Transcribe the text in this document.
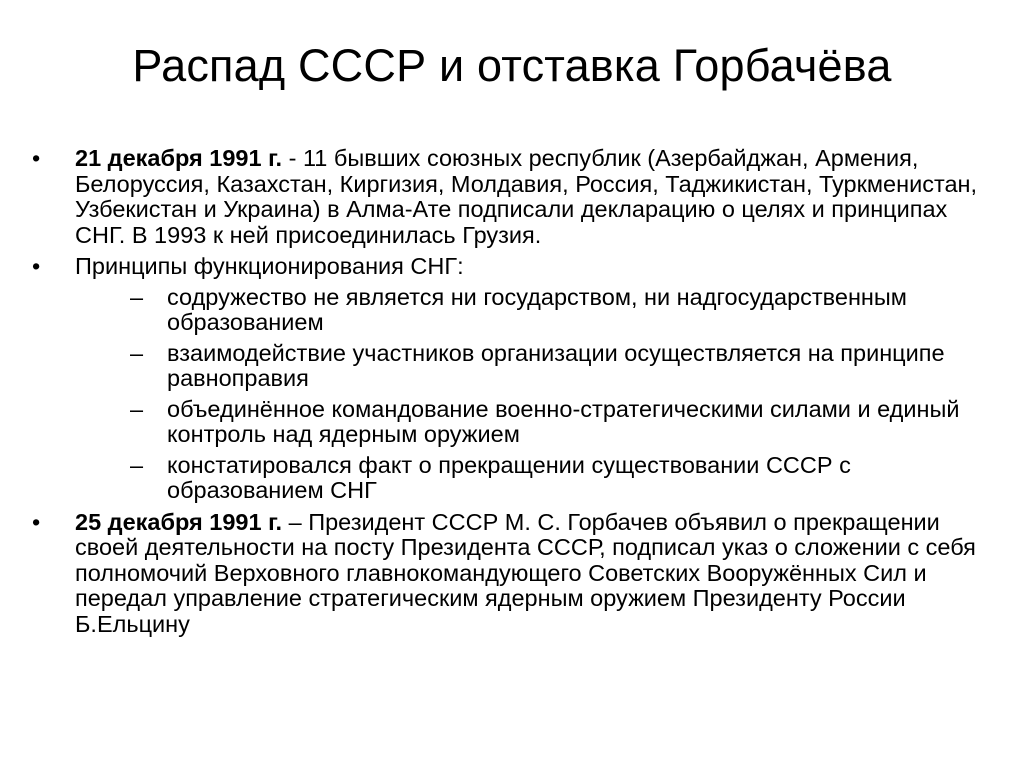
Распад СССР и отставка Горбачёва
•	21 декабря 1991 г. - 11 бывших союзных республик (Азербайджан, Армения, Белоруссия, Казахстан, Киргизия, Молдавия, Россия, Таджикистан, Туркменистан, Узбекистан и Украина) в Алма-Ате подписали декларацию о целях и принципах СНГ. В 1993 к ней присоединилась Грузия.
•	Принципы функционирования СНГ:
– содружество не является ни государством, ни надгосударственным образованием
– взаимодействие участников организации осуществляется на принципе равноправия
– объединённое командование военно-стратегическими силами и единый контроль над ядерным оружием
– констатировался факт о прекращении существовании СССР с образованием СНГ
•	25 декабря 1991 г. – Президент СССР М. С. Горбачев объявил о прекращении своей деятельности на посту Президента СССР, подписал указ о сложении с себя полномочий Верховного главнокомандующего Советских Вооружённых Сил и передал управление стратегическим ядерным оружием Президенту России Б.Ельцину
